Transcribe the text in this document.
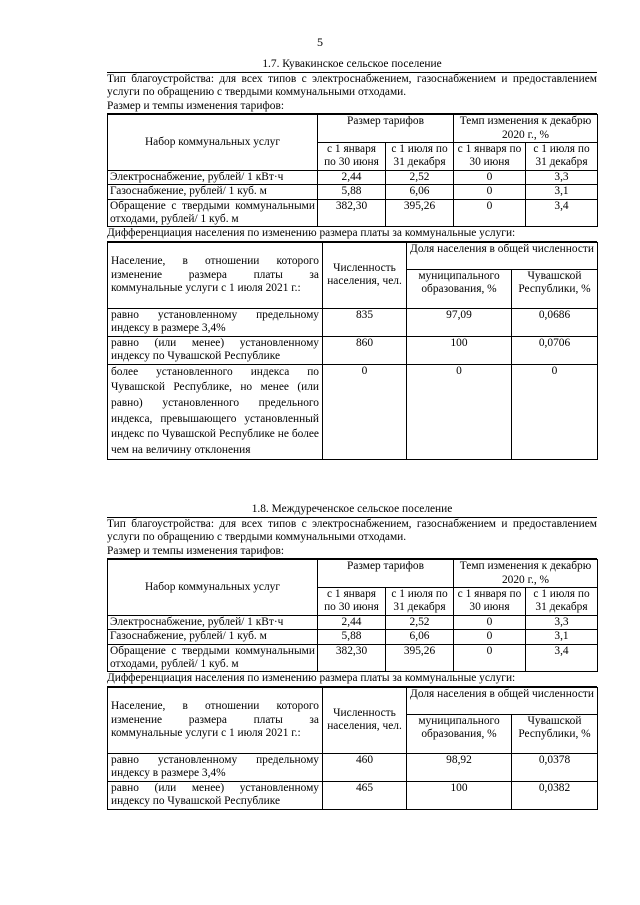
5
1.7. Кувакинское сельское поселение

Тип благоустройства: для всех типов с электроснабжением, газоснабжением и предоставлением услуги по обращению с твердыми коммунальными отходами.

Размер и темпы изменения тарифов:

Набор коммунальных услуг	Размер тарифов		Темп изменения к декабрю 2020 г., %	
	с 1 января по 30 июня	с 1 июля по 31 декабря	с 1 января по 30 июня	с 1 июля по 31 декабря
Электроснабжение, рублей/ 1 кВт·ч	2,44	2,52	0	3,3
Газоснабжение, рублей/ 1 куб. м	5,88	6,06	0	3,1
Обращение с твердыми коммунальными отходами, рублей/ 1 куб. м	382,30	395,26	0	3,4
Дифференциация населения по изменению размера платы за коммунальные услуги:
Население, в отношении которого изменение размера платы за коммунальные услуги с 1 июля 2021 г.:	Численность населения, чел.	Доля населения в общей численности	
		муниципального образования, %	Чувашской Республики, %
равно установленному предельному индексу в размере 3,4%	835	97,09	0,0686
равно (или менее) установленному индексу по Чувашской Республике	860	100	0,0706
более установленного индекса по Чувашской Республике, но менее (или равно) установленного предельного индекса, превышающего установленный индекс по Чувашской Республике не более чем на величину отклонения	0	0	0
1.8. Междуреченское сельское поселение

Тип благоустройства: для всех типов с электроснабжением, газоснабжением и предоставлением услуги по обращению с твердыми коммунальными отходами.

Размер и темпы изменения тарифов:

Набор коммунальных услуг	Размер тарифов		Темп изменения к декабрю 2020 г., %	
	с 1 января по 30 июня	с 1 июля по 31 декабря	с 1 января по 30 июня	с 1 июля по 31 декабря
Электроснабжение, рублей/ 1 кВт·ч	2,44	2,52	0	3,3
Газоснабжение, рублей/ 1 куб. м	5,88	6,06	0	3,1
Обращение с твердыми коммунальными отходами, рублей/ 1 куб. м	382,30	395,26	0	3,4
Дифференциация населения по изменению размера платы за коммунальные услуги:
Население, в отношении которого изменение размера платы за коммунальные услуги с 1 июля 2021 г.:	Численность населения, чел.	Доля населения в общей численности	
		муниципального образования, %	Чувашской Республики, %
равно установленному предельному индексу в размере 3,4%	460	98,92	0,0378
равно (или менее) установленному индексу по Чувашской Республике	465	100	0,0382
